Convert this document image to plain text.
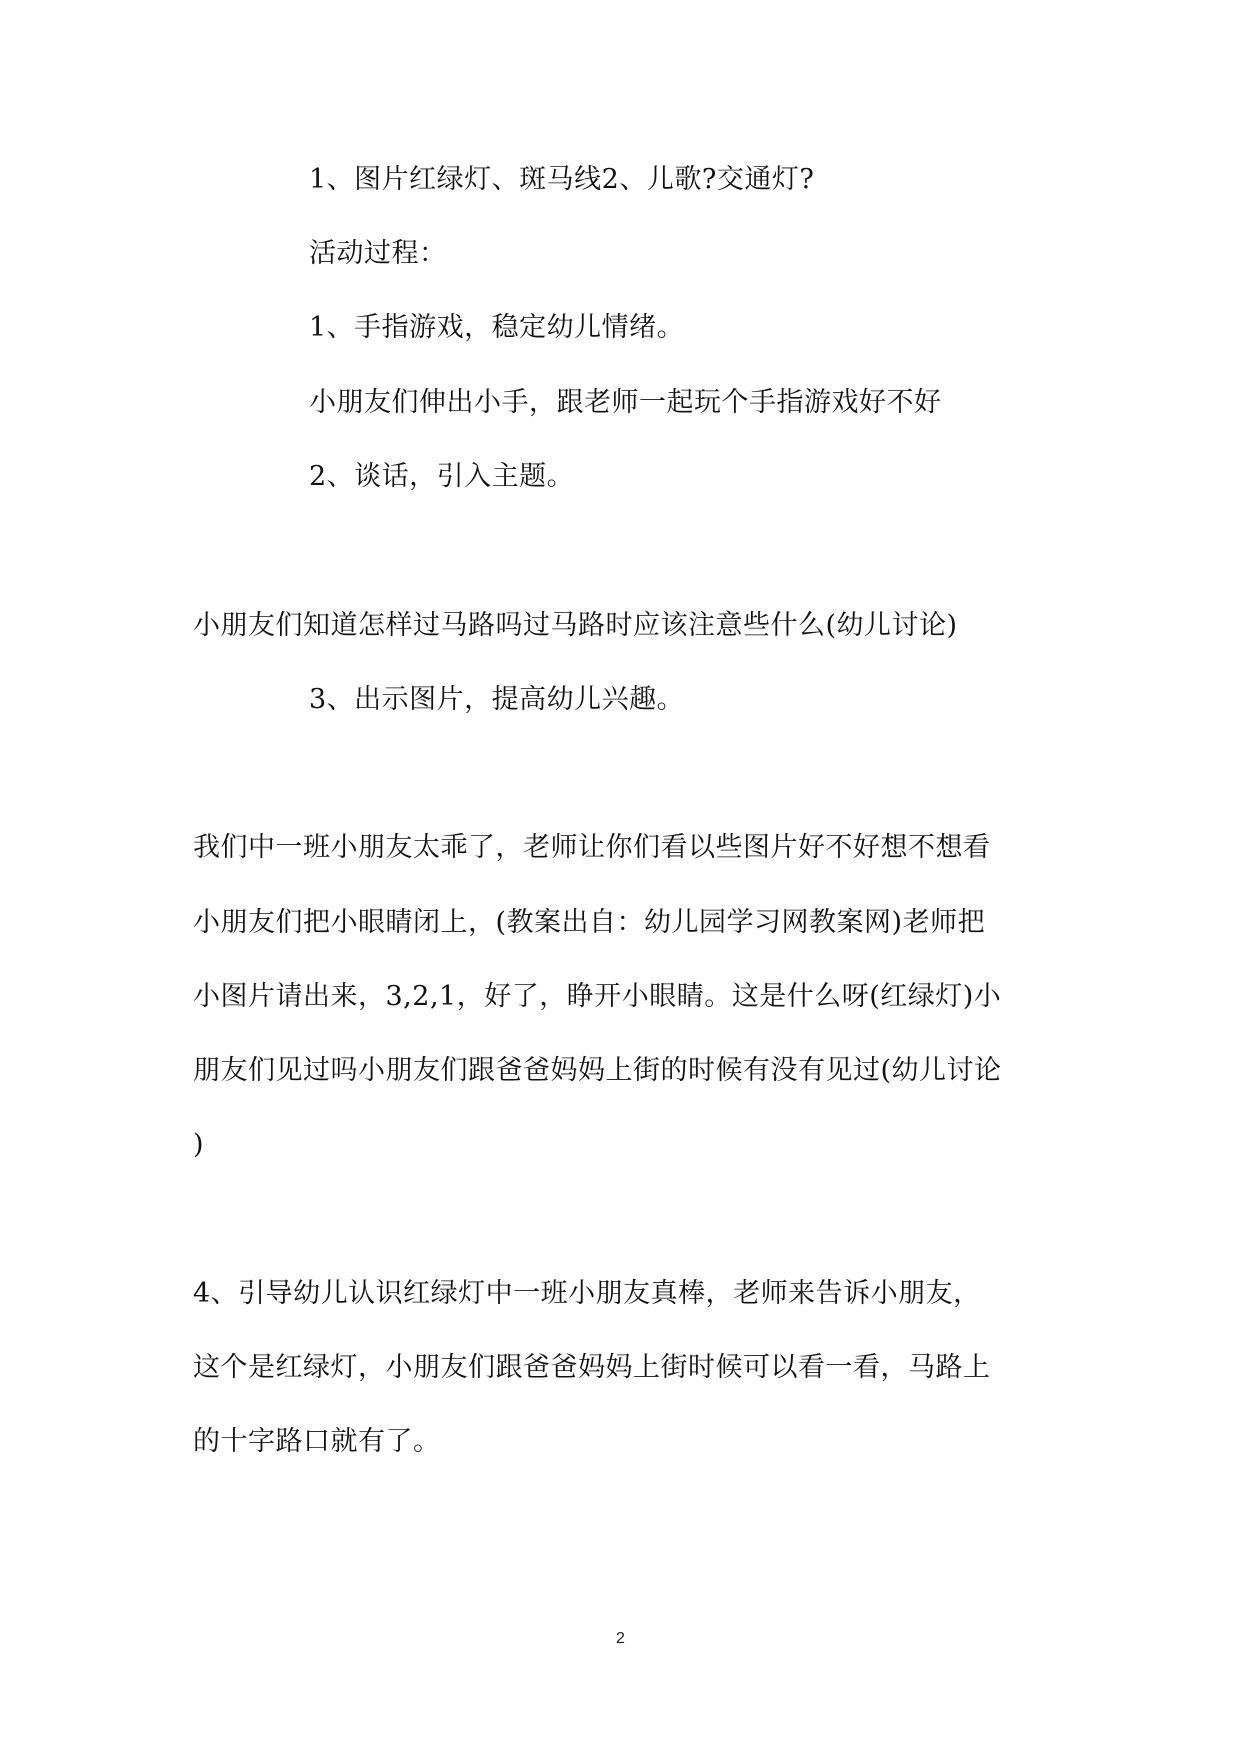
1、图片红绿灯、斑马线2、儿歌?交通灯?
活动过程：
1、手指游戏，稳定幼儿情绪。
小朋友们伸出小手，跟老师一起玩个手指游戏好不好
2、谈话，引入主题。
小朋友们知道怎样过马路吗过马路时应该注意些什么(幼儿讨论)
3、出示图片，提高幼儿兴趣。
我们中一班小朋友太乖了，老师让你们看以些图片好不好想不想看
小朋友们把小眼睛闭上，(教案出自：幼儿园学习网教案网)老师把
小图片请出来，3,2,1，好了，睁开小眼睛。这是什么呀(红绿灯)小
朋友们见过吗小朋友们跟爸爸妈妈上街的时候有没有见过(幼儿讨论
)
4、引导幼儿认识红绿灯中一班小朋友真棒，老师来告诉小朋友，
这个是红绿灯，小朋友们跟爸爸妈妈上街时候可以看一看，马路上
的十字路口就有了。
2
